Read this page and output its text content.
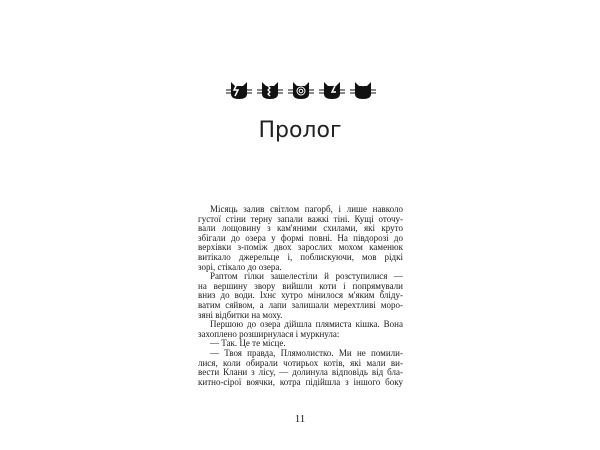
Пролог
Місяць залив світлом пагорб, і лише навколо
густої стіни терну запали важкі тіні. Кущі оточу-
вали лощовину з кам'яними схилами, які круто
збігали до озера у формі повні. На півдорозі до
верхівки з-поміж двох зарослих мохом каменюк
витікало джерельце і, поблискуючи, мов рідкі
зорі, стікало до озера.
Раптом гілки зашелестіли й розступилися —
на вершину звору вийшли коти і попрямували
вниз до води. Їхнє хутро мінилося м'яким бліду-
ватим сяйвом, а лапи залишали мерехтливі моро-
зяні відбитки на моху.
Першою до озера дійшла плямиста кішка. Вона
захоплено розширнулася і муркнула:
— Так. Це те місце.
— Твоя правда, Плямолистко. Ми не помили-
лися, коли обирали чотирьох котів, які мали ви-
вести Клани з лісу, — долинула відповідь від бла-
китно-сірої воячки, котра підійшла з іншого боку
11
